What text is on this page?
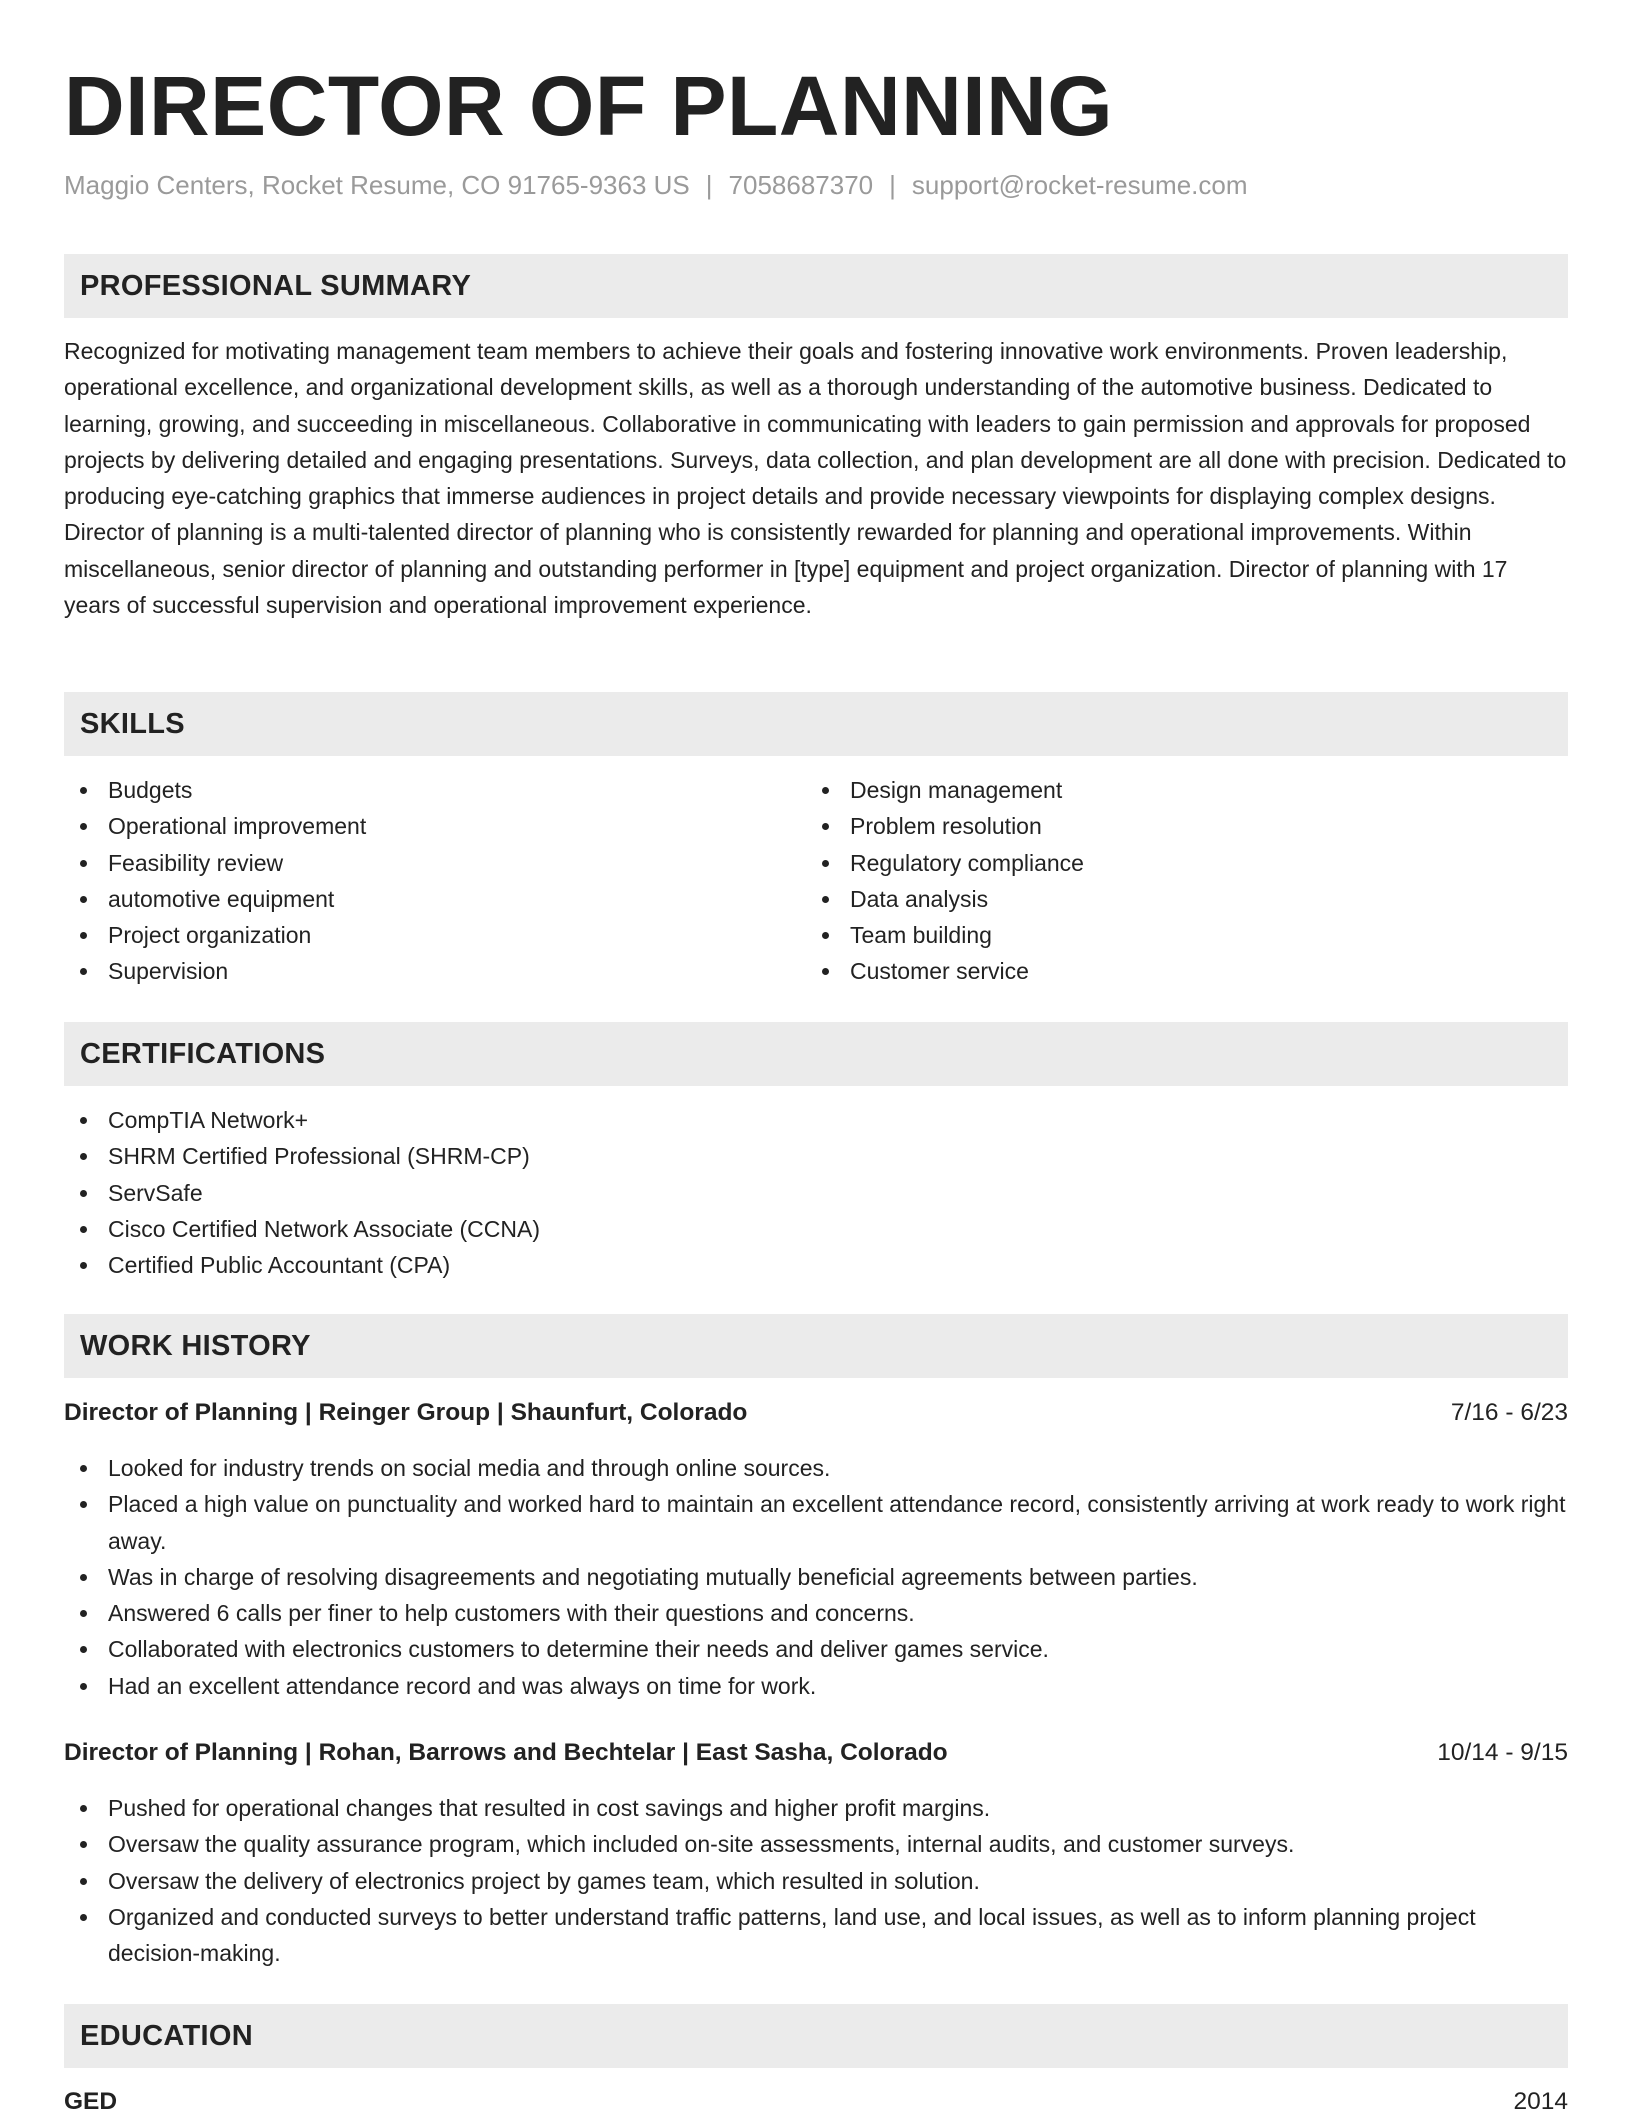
DIRECTOR OF PLANNING
Maggio Centers, Rocket Resume, CO 91765-9363 US | 7058687370 | support@rocket-resume.com
PROFESSIONAL SUMMARY

Recognized for motivating management team members to achieve their goals and fostering innovative work environments. Proven leadership, operational excellence, and organizational development skills, as well as a thorough understanding of the automotive business. Dedicated to learning, growing, and succeeding in miscellaneous. Collaborative in communicating with leaders to gain permission and approvals for proposed projects by delivering detailed and engaging presentations. Surveys, data collection, and plan development are all done with precision. Dedicated to producing eye-catching graphics that immerse audiences in project details and provide necessary viewpoints for displaying complex designs. Director of planning is a multi-talented director of planning who is consistently rewarded for planning and operational improvements. Within miscellaneous, senior director of planning and outstanding performer in [type] equipment and project organization. Director of planning with 17 years of successful supervision and operational improvement experience.

SKILLS
Budgets
Operational improvement
Feasibility review
automotive equipment
Project organization
Supervision
Design management
Problem resolution
Regulatory compliance
Data analysis
Team building
Customer service
CERTIFICATIONS
CompTIA Network+
SHRM Certified Professional (SHRM-CP)
ServSafe
Cisco Certified Network Associate (CCNA)
Certified Public Accountant (CPA)
WORK HISTORY
Director of Planning | Reinger Group | Shaunfurt, Colorado	7/16 - 6/23
Looked for industry trends on social media and through online sources.
Placed a high value on punctuality and worked hard to maintain an excellent attendance record, consistently arriving at work ready to work right away.
Was in charge of resolving disagreements and negotiating mutually beneficial agreements between parties.
Answered 6 calls per finer to help customers with their questions and concerns.
Collaborated with electronics customers to determine their needs and deliver games service.
Had an excellent attendance record and was always on time for work.
Director of Planning | Rohan, Barrows and Bechtelar | East Sasha, Colorado	10/14 - 9/15
Pushed for operational changes that resulted in cost savings and higher profit margins.
Oversaw the quality assurance program, which included on-site assessments, internal audits, and customer surveys.
Oversaw the delivery of electronics project by games team, which resulted in solution.
Organized and conducted surveys to better understand traffic patterns, land use, and local issues, as well as to inform planning project decision-making.
EDUCATION
GED	2014
